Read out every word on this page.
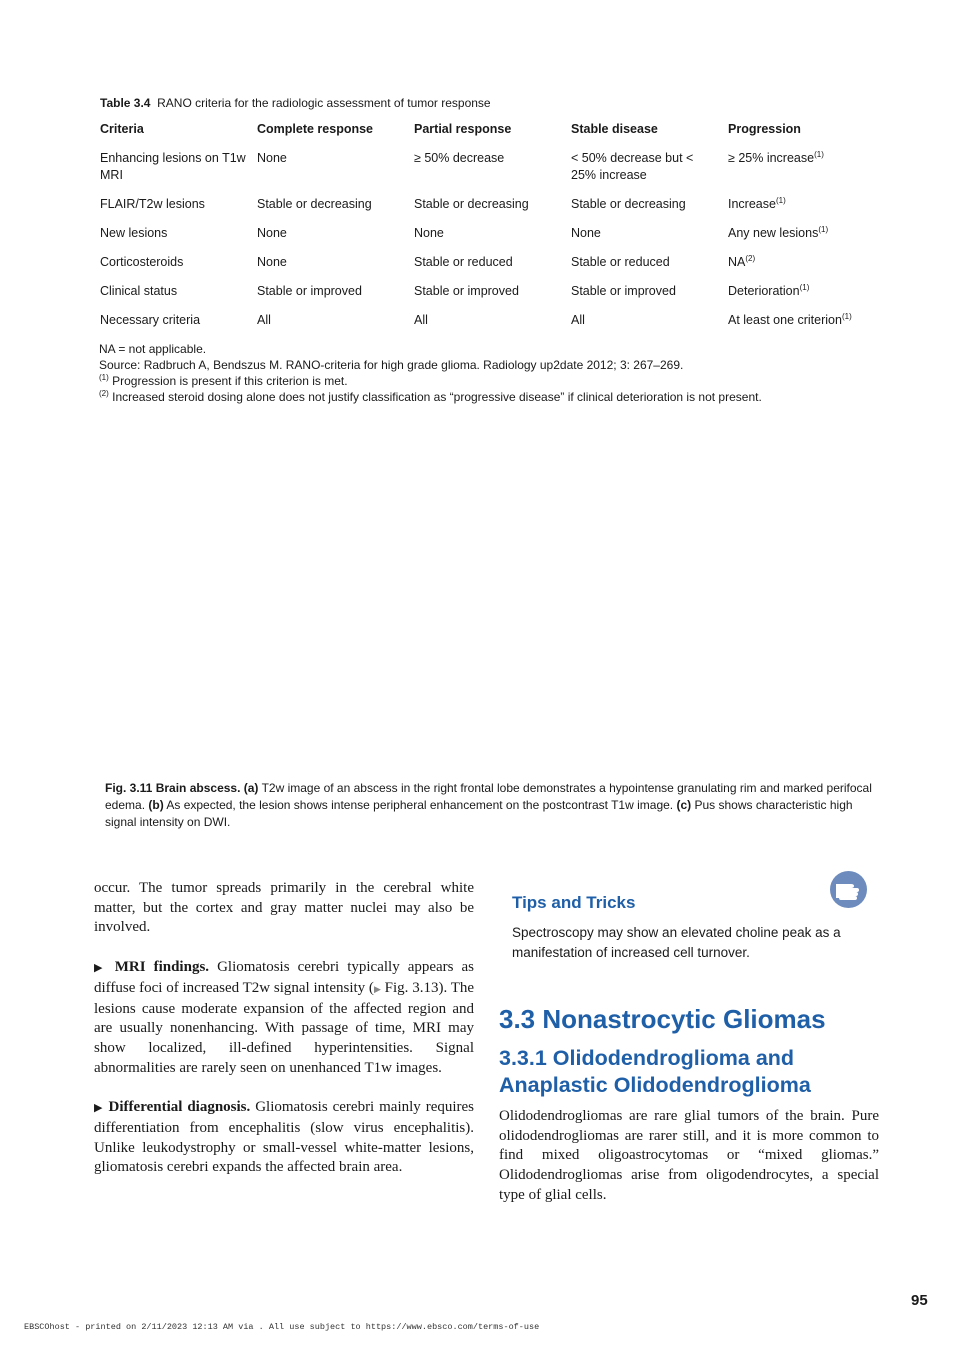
Table 3.4 RANO criteria for the radiologic assessment of tumor response
Criteria	Complete response	Partial response	Stable disease	Progression
Enhancing lesions on T1w MRI	None	≥ 50% decrease	< 50% decrease but < 25% increase	≥ 25% increase$^{(1)}$
FLAIR/T2w lesions	Stable or decreasing	Stable or decreasing	Stable or decreasing	Increase$^{(1)}$
New lesions	None	None	None	Any new lesions$^{(1)}$
Corticosteroids	None	Stable or reduced	Stable or reduced	NA$^{(2)}$
Clinical status	Stable or improved	Stable or improved	Stable or improved	Deterioration$^{(1)}$
Necessary criteria	All	All	All	At least one criterion$^{(1)}$
NA = not applicable.
Source: Radbruch A, Bendszus M. RANO-criteria for high grade glioma. Radiology up2date 2012; 3: 267–269.
$^{(1)}$ Progression is present if this criterion is met.
$^{(2)}$ Increased steroid dosing alone does not justify classification as “progressive disease” if clinical deterioration is not present.
Fig. 3.11 Brain abscess. (a) T2w image of an abscess in the right frontal lobe demonstrates a hypointense granulating rim and marked perifocal edema. (b) As expected, the lesion shows intense peripheral enhancement on the postcontrast T1w image. (c) Pus shows characteristic high signal intensity on DWI.

occur. The tumor spreads primarily in the cerebral white matter, but the cortex and gray matter nuclei may also be involved.

▶ MRI findings. Gliomatosis cerebri typically appears as diffuse foci of increased T2w signal intensity (▶ Fig. 3.13). The lesions cause moderate expansion of the affected region and are usually nonenhancing. With passage of time, MRI may show localized, ill-defined hyperintensities. Signal abnormalities are rarely seen on unenhanced T1w images.

▶ Differential diagnosis. Gliomatosis cerebri mainly requires differentiation from encephalitis (slow virus encephalitis). Unlike leukodystrophy or small-vessel white-matter lesions, gliomatosis cerebri expands the affected brain area.

Tips and Tricks
Spectroscopy may show an elevated choline peak as a manifestation of increased cell turnover.
3.3 Nonastrocytic Gliomas
3.3.1 Olidodendroglioma and Anaplastic Olidodendroglioma

Olidodendrogliomas are rare glial tumors of the brain. Pure olidodendrogliomas are rarer still, and it is more common to find mixed oligoastrocytomas or “mixed gliomas.” Olidodendrogliomas arise from oligodendrocytes, a special type of glial cells.

95
EBSCOhost - printed on 2/11/2023 12:13 AM via . All use subject to https://www.ebsco.com/terms-of-use
